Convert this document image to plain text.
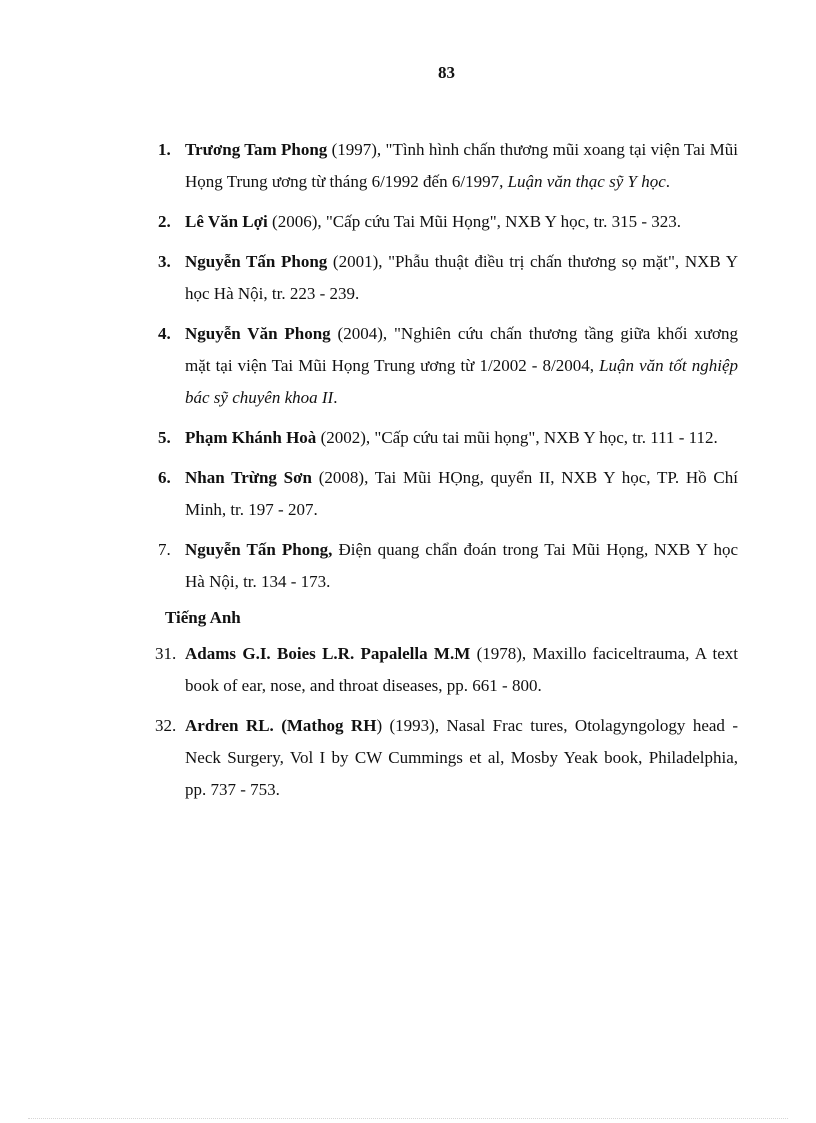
83
1. Trương Tam Phong (1997), "Tình hình chấn thương mũi xoang tại viện Tai Mũi Họng Trung ương từ tháng 6/1992 đến 6/1997, Luận văn thạc sỹ Y học.
2. Lê Văn Lợi (2006), "Cấp cứu Tai Mũi Họng", NXB Y học, tr. 315 - 323.
3. Nguyễn Tấn Phong (2001), "Phẫu thuật điều trị chấn thương sọ mặt", NXB Y học Hà Nội, tr. 223 - 239.
4. Nguyễn Văn Phong (2004), "Nghiên cứu chấn thương tầng giữa khối xương mặt tại viện Tai Mũi Họng Trung ương từ 1/2002 - 8/2004, Luận văn tốt nghiệp bác sỹ chuyên khoa II.
5. Phạm Khánh Hoà (2002), "Cấp cứu tai mũi họng", NXB Y học, tr. 111 - 112.
6. Nhan Trừng Sơn (2008), Tai Mũi HỌng, quyển II, NXB Y học, TP. Hồ Chí Minh, tr. 197 - 207.
7. Nguyễn Tấn Phong, Điện quang chẩn đoán trong Tai Mũi Họng, NXB Y học Hà Nội, tr. 134 - 173.
Tiếng Anh
31. Adams G.I. Boies L.R. Papalella M.M (1978), Maxillo faciceltrauma, A text book of ear, nose, and throat diseases, pp. 661 - 800.
32. Ardren RL. (Mathog RH) (1993), Nasal Frac tures, Otolagyngology head - Neck Surgery, Vol I by CW Cummings et al, Mosby Yeak book, Philadelphia, pp. 737 - 753.
